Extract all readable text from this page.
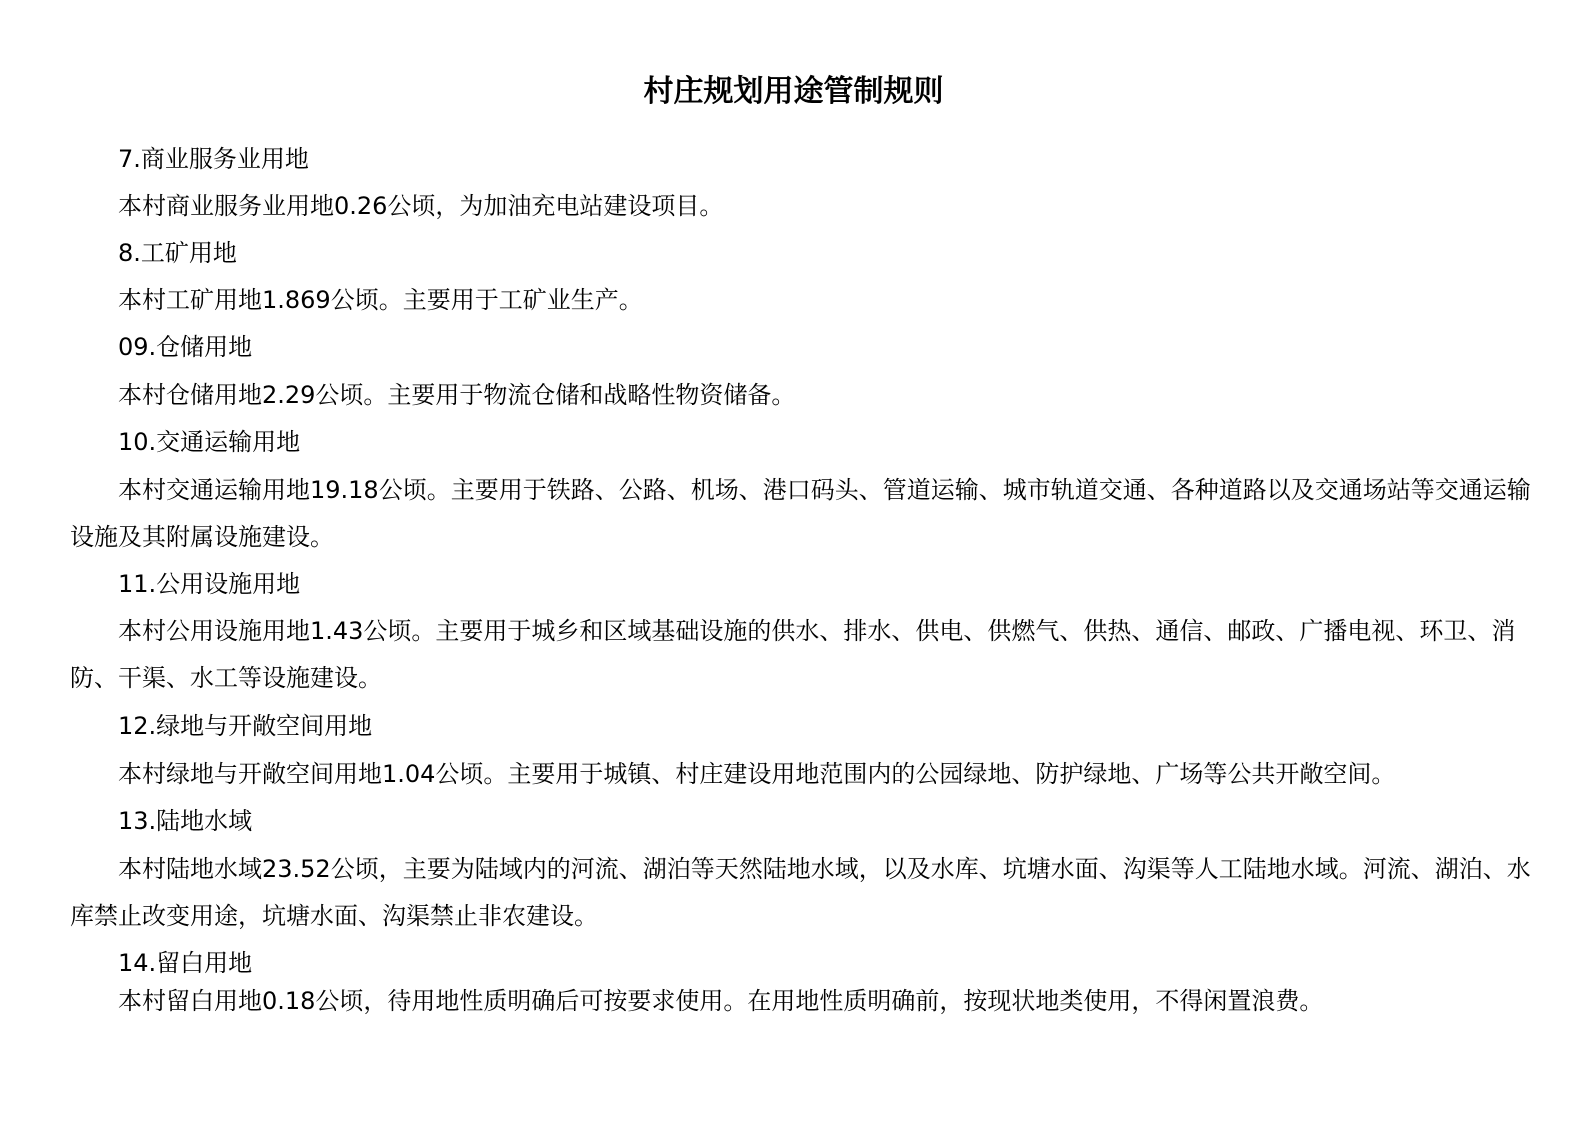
村庄规划用途管制规则

7.商业服务业用地

本村商业服务业用地0.26公顷，为加油充电站建设项目。

8.工矿用地

本村工矿用地1.869公顷。主要用于工矿业生产。

09.仓储用地

本村仓储用地2.29公顷。主要用于物流仓储和战略性物资储备。

10.交通运输用地

本村交通运输用地19.18公顷。主要用于铁路、公路、机场、港口码头、管道运输、城市轨道交通、各种道路以及交通场站等交通运输设施及其附属设施建设。

11.公用设施用地

本村公用设施用地1.43公顷。主要用于城乡和区域基础设施的供水、排水、供电、供燃气、供热、通信、邮政、广播电视、环卫、消防、干渠、水工等设施建设。

12.绿地与开敞空间用地

本村绿地与开敞空间用地1.04公顷。主要用于城镇、村庄建设用地范围内的公园绿地、防护绿地、广场等公共开敞空间。

13.陆地水域

本村陆地水域23.52公顷，主要为陆域内的河流、湖泊等天然陆地水域，以及水库、坑塘水面、沟渠等人工陆地水域。河流、湖泊、水库禁止改变用途，坑塘水面、沟渠禁止非农建设。

14.留白用地

本村留白用地0.18公顷，待用地性质明确后可按要求使用。在用地性质明确前，按现状地类使用，不得闲置浪费。
